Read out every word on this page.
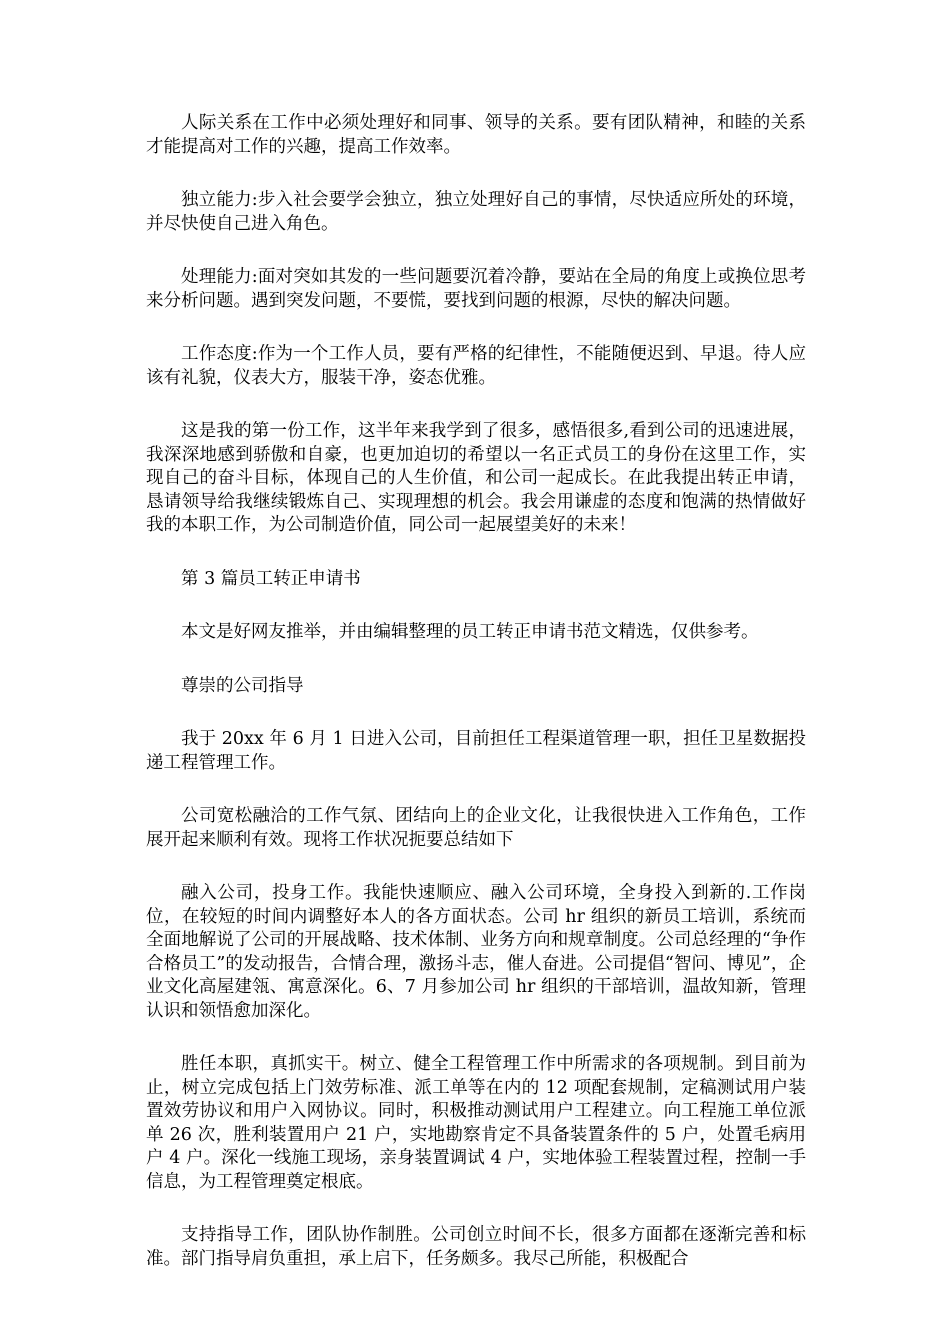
人际关系在工作中必须处理好和同事、领导的关系。要有团队精神，和睦的关系才能提高对工作的兴趣，提高工作效率。

独立能力:步入社会要学会独立，独立处理好自己的事情，尽快适应所处的环境，并尽快使自己进入角色。

处理能力:面对突如其发的一些问题要沉着冷静，要站在全局的角度上或换位思考来分析问题。遇到突发问题，不要慌，要找到问题的根源，尽快的解决问题。

工作态度:作为一个工作人员，要有严格的纪律性，不能随便迟到、早退。待人应该有礼貌，仪表大方，服装干净，姿态优雅。

这是我的第一份工作，这半年来我学到了很多，感悟很多,看到公司的迅速进展，我深深地感到骄傲和自豪，也更加迫切的希望以一名正式员工的身份在这里工作，实现自己的奋斗目标，体现自己的人生价值，和公司一起成长。在此我提出转正申请，恳请领导给我继续锻炼自己、实现理想的机会。我会用谦虚的态度和饱满的热情做好我的本职工作，为公司制造价值，同公司一起展望美好的未来！

第 3 篇员工转正申请书

本文是好网友推举，并由编辑整理的员工转正申请书范文精选，仅供参考。

尊崇的公司指导

我于 20xx 年 6 月 1 日进入公司，目前担任工程渠道管理一职，担任卫星数据投递工程管理工作。

公司宽松融洽的工作气氛、团结向上的企业文化，让我很快进入工作角色，工作展开起来顺利有效。现将工作状况扼要总结如下

融入公司，投身工作。我能快速顺应、融入公司环境，全身投入到新的.工作岗位，在较短的时间内调整好本人的各方面状态。公司 hr 组织的新员工培训，系统而全面地解说了公司的开展战略、技术体制、业务方向和规章制度。公司总经理的“争作合格员工”的发动报告，合情合理，激扬斗志，催人奋进。公司提倡“智问、博见”，企业文化高屋建瓴、寓意深化。6、7 月参加公司 hr 组织的干部培训，温故知新，管理认识和领悟愈加深化。

胜任本职，真抓实干。树立、健全工程管理工作中所需求的各项规制。到目前为止，树立完成包括上门效劳标准、派工单等在内的 12 项配套规制，定稿测试用户装置效劳协议和用户入网协议。同时，积极推动测试用户工程建立。向工程施工单位派单 26 次，胜利装置用户 21 户，实地勘察肯定不具备装置条件的 5 户，处置毛病用户 4 户。深化一线施工现场，亲身装置调试 4 户，实地体验工程装置过程，控制一手信息，为工程管理奠定根底。

支持指导工作，团队协作制胜。公司创立时间不长，很多方面都在逐渐完善和标准。部门指导肩负重担，承上启下，任务颇多。我尽己所能，积极配合
